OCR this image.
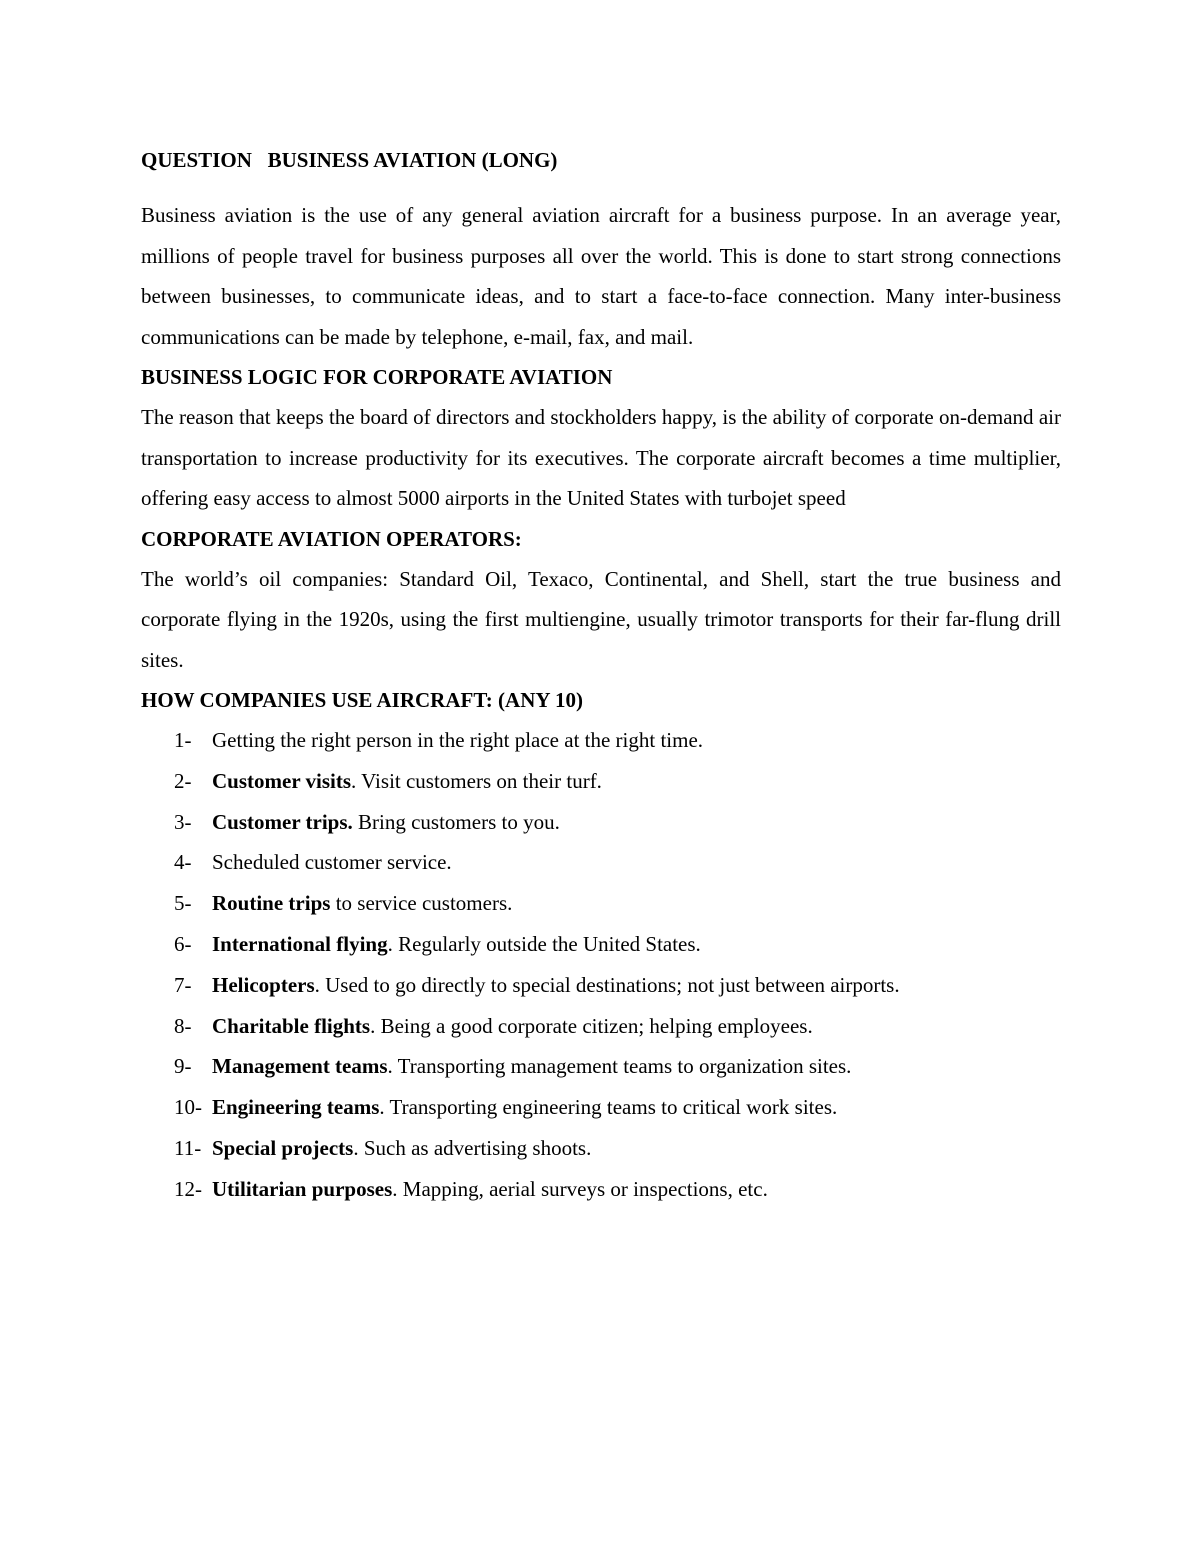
QUESTION   BUSINESS AVIATION (LONG)

Business aviation is the use of any general aviation aircraft for a business purpose. In an average year, millions of people travel for business purposes all over the world. This is done to start strong connections between businesses, to communicate ideas, and to start a face-to-face connection. Many inter-business communications can be made by telephone, e-mail, fax, and mail.

BUSINESS LOGIC FOR CORPORATE AVIATION

The reason that keeps the board of directors and stockholders happy, is the ability of corporate on-demand air transportation to increase productivity for its executives. The corporate aircraft becomes a time multiplier, offering easy access to almost 5000 airports in the United States with turbojet speed

CORPORATE AVIATION OPERATORS:

The world’s oil companies: Standard Oil, Texaco, Continental, and Shell, start the true business and corporate flying in the 1920s, using the first multiengine, usually trimotor transports for their far-flung drill sites.

HOW COMPANIES USE AIRCRAFT: (ANY 10)
1- Getting the right person in the right place at the right time.
2- Customer visits. Visit customers on their turf.
3- Customer trips. Bring customers to you.
4- Scheduled customer service.
5- Routine trips to service customers.
6- International flying. Regularly outside the United States.
7- Helicopters. Used to go directly to special destinations; not just between airports.
8- Charitable flights. Being a good corporate citizen; helping employees.
9- Management teams. Transporting management teams to organization sites.
10- Engineering teams. Transporting engineering teams to critical work sites.
11- Special projects. Such as advertising shoots.
12- Utilitarian purposes. Mapping, aerial surveys or inspections, etc.
